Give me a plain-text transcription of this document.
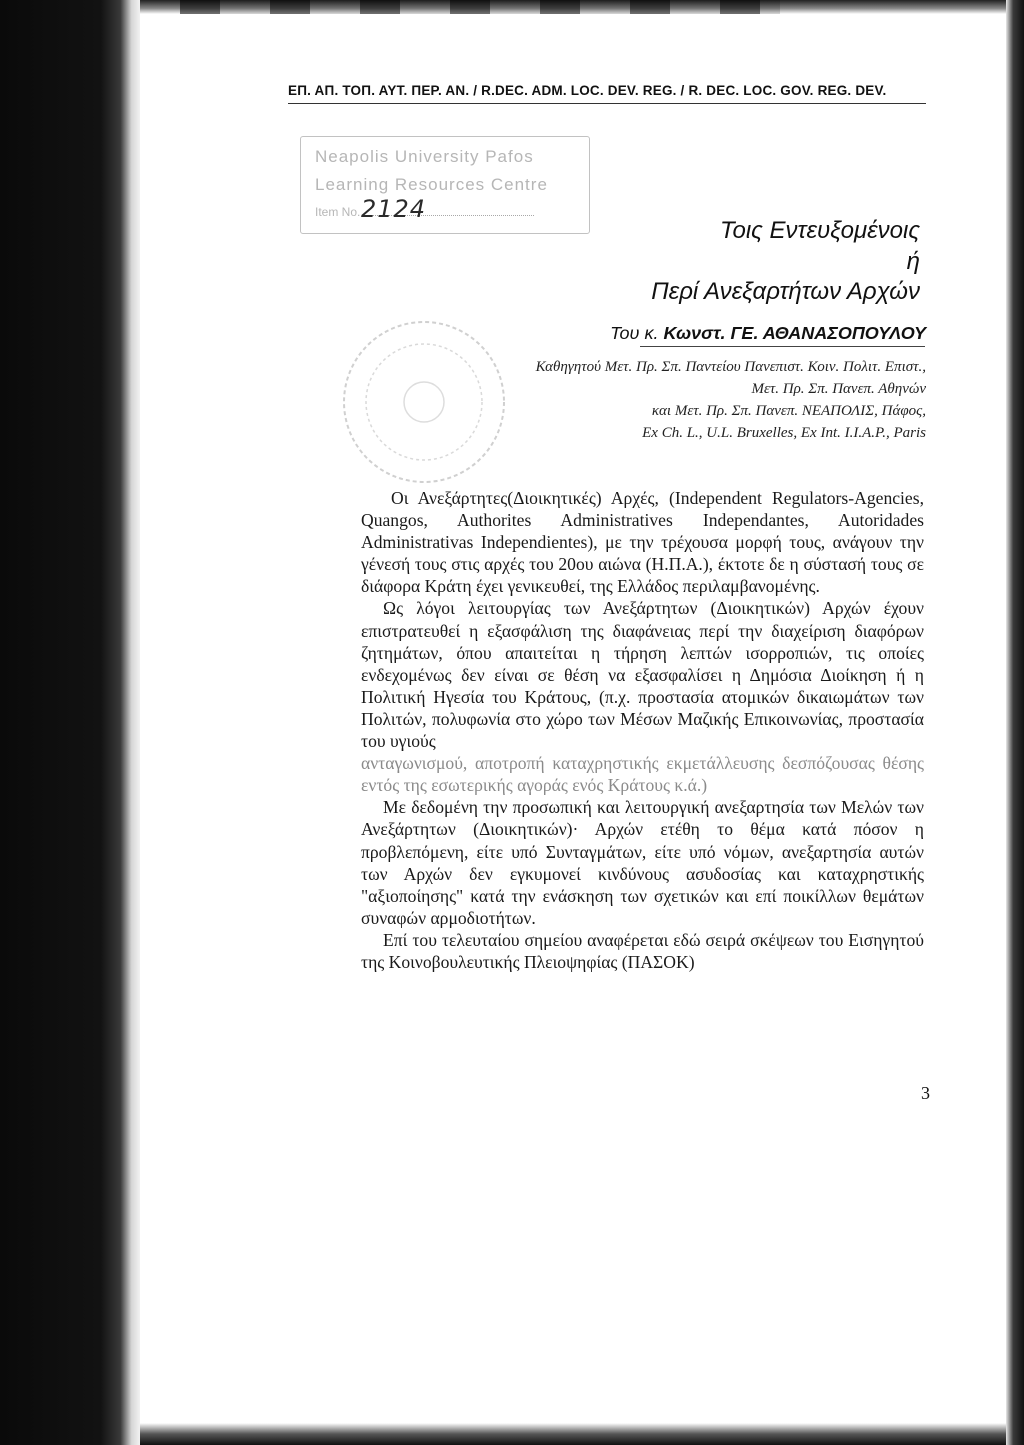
ΕΠ. ΑΠ. ΤΟΠ. ΑΥΤ. ΠΕΡ. ΑΝ. / R.DEC. ADM. LOC. DEV. REG. / R. DEC. LOC. GOV. REG. DEV.
Neapolis University Pafos
Learning Resources Centre
Item No. 2124
Τοις Εντευξομένοις
ή
Περί Ανεξαρτήτων Αρχών
Του κ. Κωνστ. ΓΕ. ΑΘΑΝΑΣΟΠΟΥΛΟΥ
Καθηγητού Μετ. Πρ. Σπ. Παντείου Πανεπιστ. Κοιν. Πολιτ. Επιστ.,
Μετ. Πρ. Σπ. Πανεπ. Αθηνών
και Μετ. Πρ. Σπ. Πανεπ. ΝΕΑΠΟΛΙΣ, Πάφος,
Ex Ch. L., U.L. Bruxelles, Ex Int. I.I.A.P., Paris

Οι Ανεξάρτητες(Διοικητικές) Αρχές, (Independent Regulators-Agencies, Quangos, Authorites Administratives Independantes, Autoridades Administrativas Independientes), με την τρέχουσα μορφή τους, ανάγουν την γένεσή τους στις αρχές του 20ου αιώνα (Η.Π.Α.), έκτοτε δε η σύστασή τους σε διάφορα Κράτη έχει γενικευθεί, της Ελλάδος περιλαμβανομένης.

Ως λόγοι λειτουργίας των Ανεξάρτητων (Διοικητικών) Αρχών έχουν επιστρατευθεί η εξασφάλιση της διαφάνειας περί την διαχείριση διαφόρων ζητημάτων, όπου απαιτείται η τήρηση λεπτών ισορροπιών, τις οποίες ενδεχομένως δεν είναι σε θέση να εξασφαλίσει η Δημόσια Διοίκηση ή η Πολιτική Ηγεσία του Κράτους, (π.χ. προστασία ατομικών δικαιωμάτων των Πολιτών, πολυφωνία στο χώρο των Μέσων Μαζικής Επικοινωνίας, προστασία του υγιούς

ανταγωνισμού, αποτροπή καταχρηστικής εκμετάλλευσης δεσπόζουσας θέσης εντός της εσωτερικής αγοράς ενός Κράτους κ.ά.)

Με δεδομένη την προσωπική και λειτουργική ανεξαρτησία των Μελών των Ανεξάρτητων (Διοικητικών)· Αρχών ετέθη το θέμα κατά πόσον η προβλεπόμενη, είτε υπό Συνταγμάτων, είτε υπό νόμων, ανεξαρτησία αυτών των Αρχών δεν εγκυμονεί κινδύνους ασυδοσίας και καταχρηστικής "αξιοποίησης" κατά την ενάσκηση των σχετικών και επί ποικίλλων θεμάτων συναφών αρμοδιοτήτων.

Επί του τελευταίου σημείου αναφέρεται εδώ σειρά σκέψεων του Εισηγητού της Κοινοβουλευτικής Πλειοψηφίας (ΠΑΣΟΚ)

3
